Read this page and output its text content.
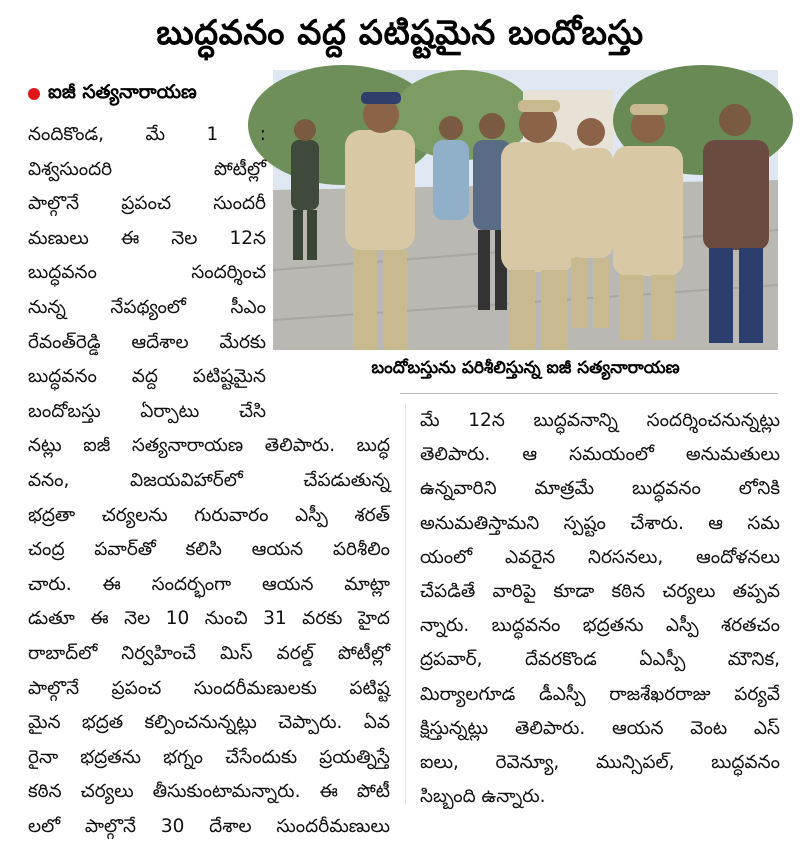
బుద్ధవనం వద్ద పటిష్టమైన బందోబస్తు
ఐజీ సత్యనారాయణ
బందోబస్తును పరిశీలిస్తున్న ఐజీ సత్యనారాయణ
నందికొండ, మే 1 :
విశ్వసుందరి పోటీల్లో
పాల్గొనే ప్రపంచ సుందరీ
మణులు ఈ నెల 12న
బుద్ధవనం సందర్శించ
నున్న నేపథ్యంలో సీఎం
రేవంత్‌రెడ్డి ఆదేశాల మేరకు
బుద్ధవనం వద్ద పటిష్టమైన
బందోబస్తు ఏర్పాటు చేసి
నట్లు ఐజీ సత్యనారాయణ తెలిపారు. బుద్ధ
వనం, విజయవిహార్‌లో చేపడుతున్న
భద్రతా చర్యలను గురువారం ఎస్పీ శరత్
చంద్ర పవార్‌తో కలిసి ఆయన పరిశీలిం
చారు. ఈ సందర్భంగా ఆయన మాట్లా
డుతూ ఈ నెల 10 నుంచి 31 వరకు హైద
రాబాద్‌లో నిర్వహించే మిస్ వరల్డ్ పోటీల్లో
పాల్గొనే ప్రపంచ సుందరీమణులకు పటిష్ట
మైన భద్రత కల్పించనున్నట్లు చెప్పారు. ఏవ
రైనా భద్రతను భగ్నం చేసేందుకు ప్రయత్నిస్తే
కఠిన చర్యలు తీసుకుంటామన్నారు. ఈ పోటీ
లలో పాల్గొనే 30 దేశాల సుందరీమణులు
మే 12న బుద్ధవనాన్ని సందర్శించనున్నట్లు
తెలిపారు. ఆ సమయంలో అనుమతులు
ఉన్నవారిని మాత్రమే బుద్ధవనం లోనికి
అనుమతిస్తామని స్పష్టం చేశారు. ఆ సమ
యంలో ఎవరైన నిరసనలు, ఆందోళనలు
చేపడితే వారిపై కూడా కఠిన చర్యలు తప్పవ
న్నారు. బుద్ధవనం భద్రతను ఎస్పీ శరతచం
ద్రపవార్, దేవరకొండ ఏఎస్పీ మౌనిక,
మిర్యాలగూడ డీఎస్పీ రాజశేఖరరాజు పర్యవే
క్షిస్తున్నట్లు తెలిపారు. ఆయన వెంట ఎస్
ఐలు, రెవెన్యూ, మున్సిపల్, బుద్ధవనం
సిబ్బంది ఉన్నారు.
